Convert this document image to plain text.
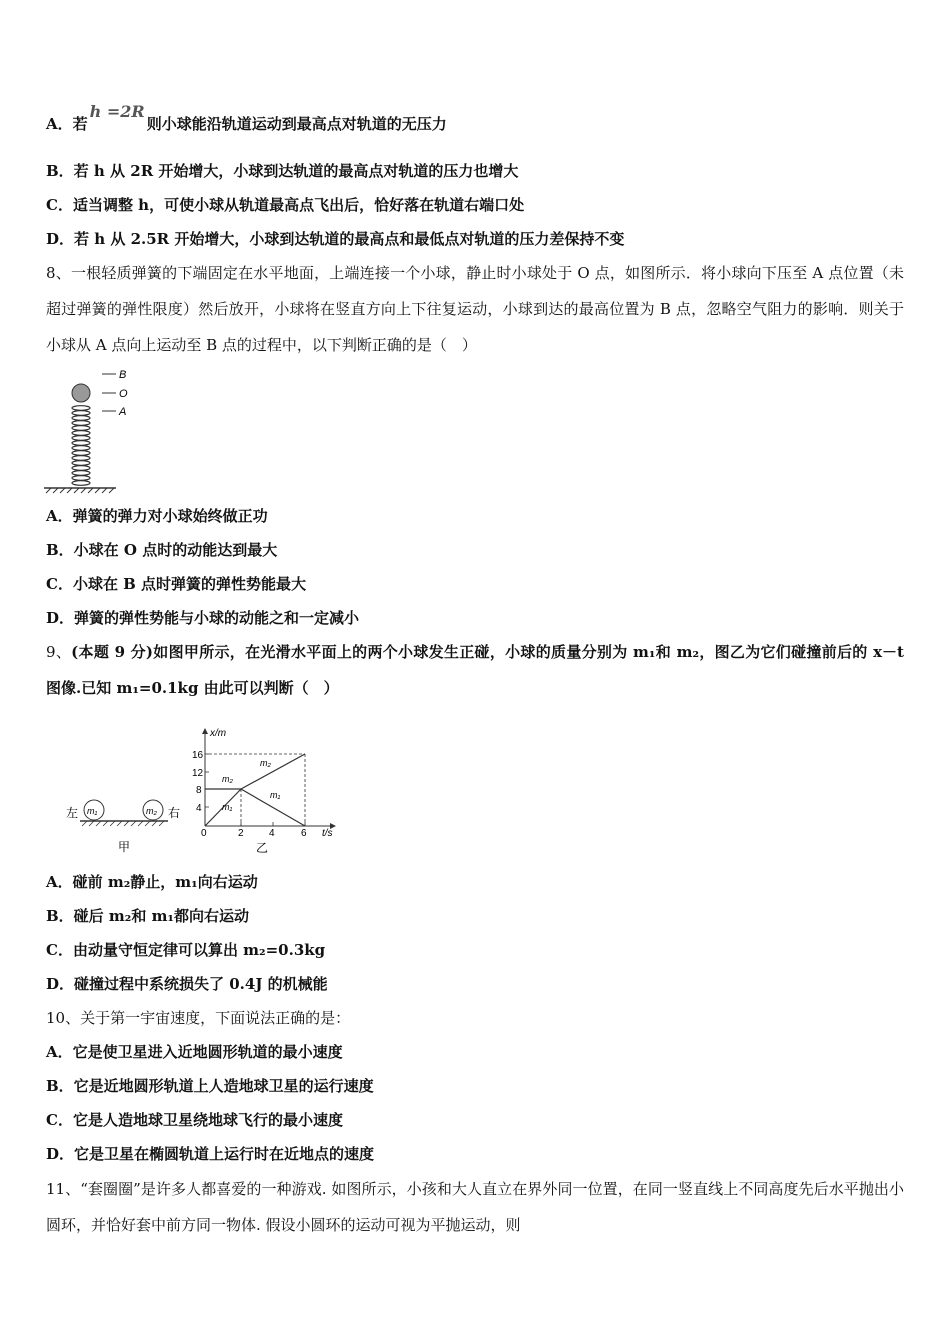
A．若h =2R则小球能沿轨道运动到最高点对轨道的无压力
B．若 h 从 2R 开始增大，小球到达轨道的最高点对轨道的压力也增大
C．适当调整 h，可使小球从轨道最高点飞出后，恰好落在轨道右端口处
D．若 h 从 2.5R 开始增大，小球到达轨道的最高点和最低点对轨道的压力差保持不变
8、一根轻质弹簧的下端固定在水平地面，上端连接一个小球，静止时小球处于 O 点，如图所示．将小球向下压至 A 点位置（未超过弹簧的弹性限度）然后放开，小球将在竖直方向上下往复运动，小球到达的最高位置为 B 点，忽略空气阻力的影响．则关于小球从 A 点向上运动至 B 点的过程中，以下判断正确的是（　）
B
O
A
A．弹簧的弹力对小球始终做正功
B．小球在 O 点时的动能达到最大
C．小球在 B 点时弹簧的弹性势能最大
D．弹簧的弹性势能与小球的动能之和一定减小
9、(本题 9 分)如图甲所示，在光滑水平面上的两个小球发生正碰，小球的质量分别为 m₁和 m₂，图乙为它们碰撞前后的 x－t 图像.已知 m₁=0.1kg 由此可以判断（　）
左	右
m₁	m₂
甲
x/m
t/s
16
12
8
4
0	2	4	6
m₂
m₂
m₁
m₁
乙
A．碰前 m₂静止，m₁向右运动
B．碰后 m₂和 m₁都向右运动
C．由动量守恒定律可以算出 m₂=0.3kg
D．碰撞过程中系统损失了 0.4J 的机械能
10、关于第一宇宙速度，下面说法正确的是：
A．它是使卫星进入近地圆形轨道的最小速度
B．它是近地圆形轨道上人造地球卫星的运行速度
C．它是人造地球卫星绕地球飞行的最小速度
D．它是卫星在椭圆轨道上运行时在近地点的速度
11、“套圈圈”是许多人都喜爱的一种游戏. 如图所示，小孩和大人直立在界外同一位置，在同一竖直线上不同高度先后水平抛出小圆环，并恰好套中前方同一物体. 假设小圆环的运动可视为平抛运动，则
